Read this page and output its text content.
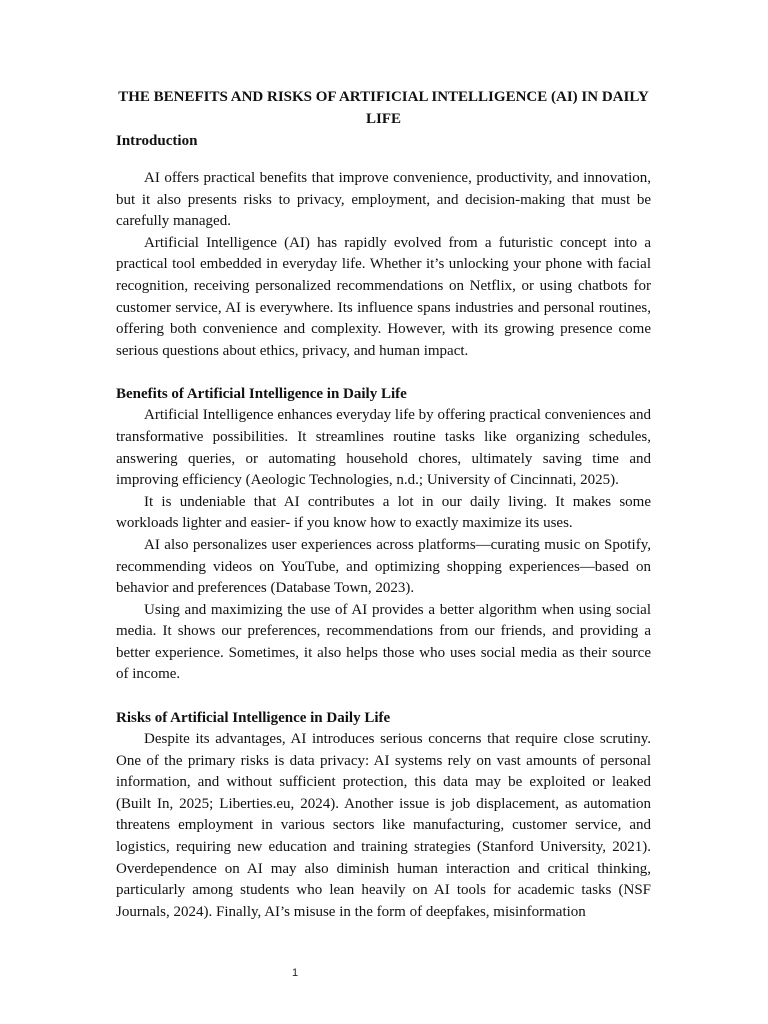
THE BENEFITS AND RISKS OF ARTIFICIAL INTELLIGENCE (AI) IN DAILY LIFE
Introduction

AI offers practical benefits that improve convenience, productivity, and innovation, but it also presents risks to privacy, employment, and decision-making that must be carefully managed.

Artificial Intelligence (AI) has rapidly evolved from a futuristic concept into a practical tool embedded in everyday life. Whether it’s unlocking your phone with facial recognition, receiving personalized recommendations on Netflix, or using chatbots for customer service, AI is everywhere. Its influence spans industries and personal routines, offering both convenience and complexity. However, with its growing presence come serious questions about ethics, privacy, and human impact.

Benefits of Artificial Intelligence in Daily Life

Artificial Intelligence enhances everyday life by offering practical conveniences and transformative possibilities. It streamlines routine tasks like organizing schedules, answering queries, or automating household chores, ultimately saving time and improving efficiency (Aeologic Technologies, n.d.; University of Cincinnati, 2025).

It is undeniable that AI contributes a lot in our daily living. It makes some workloads lighter and easier- if you know how to exactly maximize its uses.

AI also personalizes user experiences across platforms—curating music on Spotify, recommending videos on YouTube, and optimizing shopping experiences—based on behavior and preferences (Database Town, 2023).

Using and maximizing the use of AI provides a better algorithm when using social media. It shows our preferences, recommendations from our friends, and providing a better experience. Sometimes, it also helps those who uses social media as their source of income.

Risks of Artificial Intelligence in Daily Life

Despite its advantages, AI introduces serious concerns that require close scrutiny. One of the primary risks is data privacy: AI systems rely on vast amounts of personal information, and without sufficient protection, this data may be exploited or leaked (Built In, 2025; Liberties.eu, 2024). Another issue is job displacement, as automation threatens employment in various sectors like manufacturing, customer service, and logistics, requiring new education and training strategies (Stanford University, 2021). Overdependence on AI may also diminish human interaction and critical thinking, particularly among students who lean heavily on AI tools for academic tasks (NSF Journals, 2024). Finally, AI’s misuse in the form of deepfakes, misinformation

1
